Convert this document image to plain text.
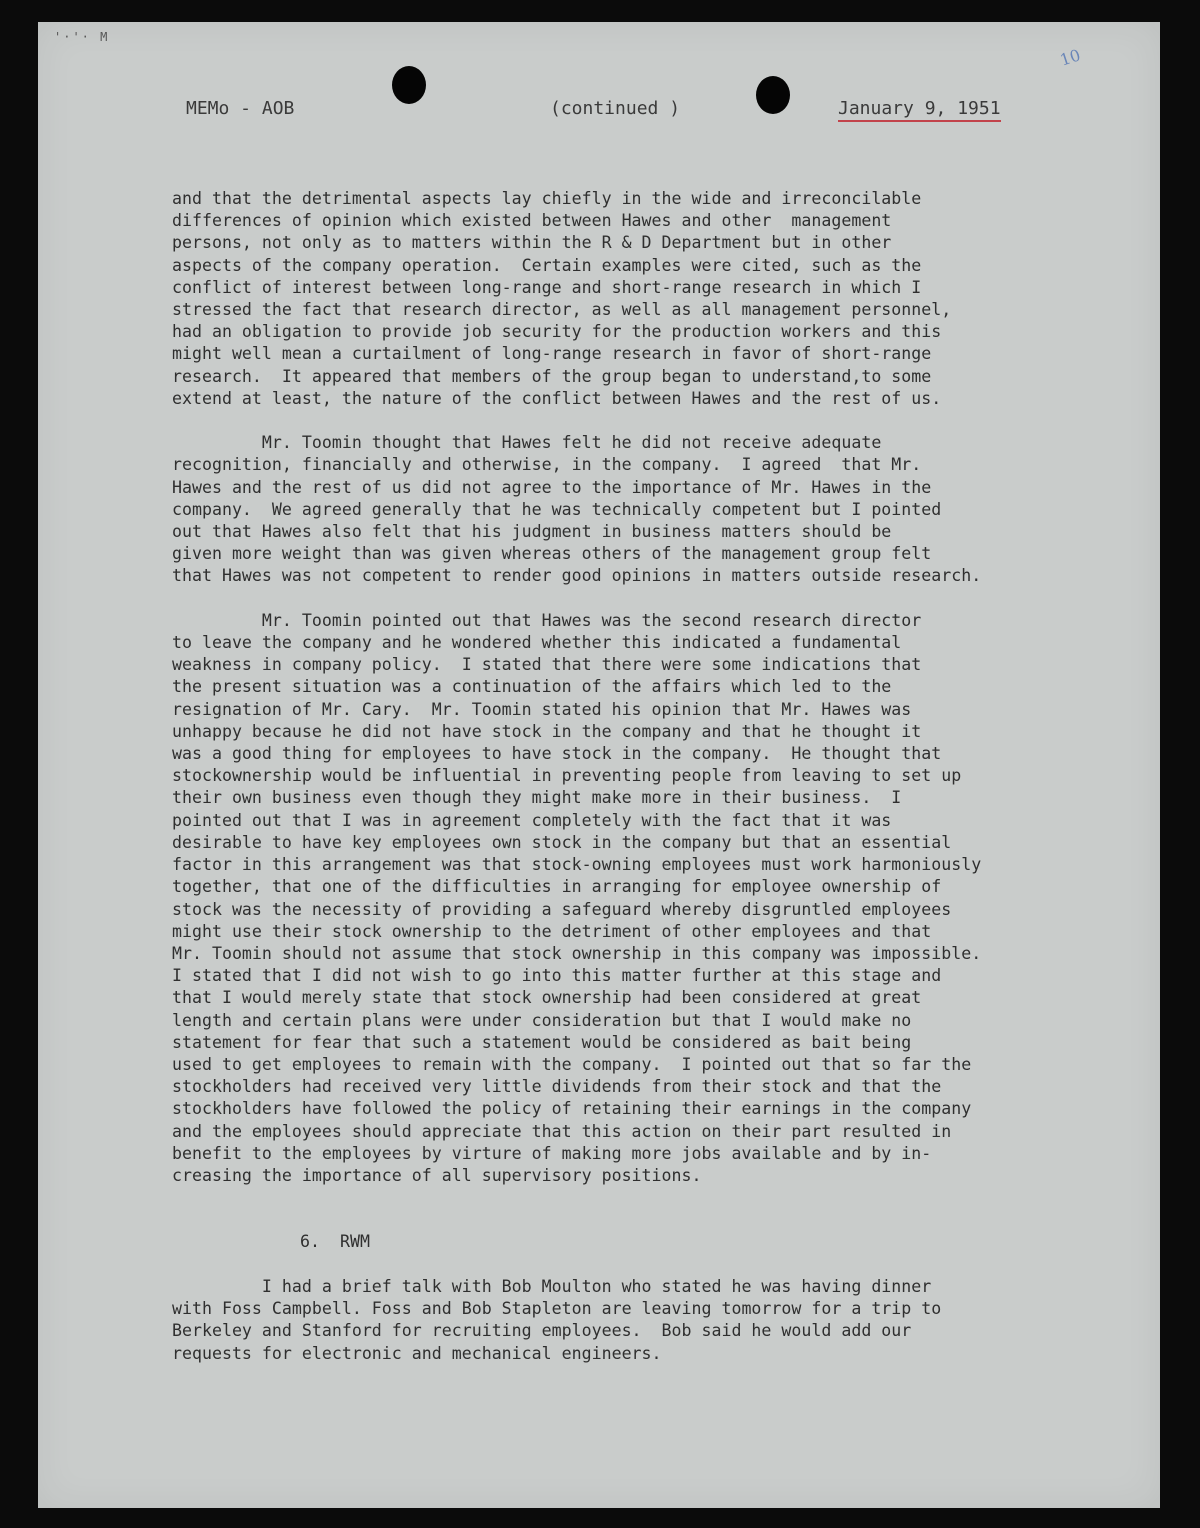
'·'· M
10
MEMo - AOB	(continued )	January 9, 1951
and that the detrimental aspects lay chiefly in the wide and irreconcilable
differences of opinion which existed between Hawes and other  management
persons, not only as to matters within the R & D Department but in other
aspects of the company operation.  Certain examples were cited, such as the
conflict of interest between long-range and short-range research in which I
stressed the fact that research director, as well as all management personnel,
had an obligation to provide job security for the production workers and this
might well mean a curtailment of long-range research in favor of short-range
research.  It appeared that members of the group began to understand,to some
extend at least, the nature of the conflict between Hawes and the rest of us.

Mr. Toomin thought that Hawes felt he did not receive adequate
recognition, financially and otherwise, in the company.  I agreed  that Mr.
Hawes and the rest of us did not agree to the importance of Mr. Hawes in the
company.  We agreed generally that he was technically competent but I pointed
out that Hawes also felt that his judgment in business matters should be
given more weight than was given whereas others of the management group felt
that Hawes was not competent to render good opinions in matters outside research.

Mr. Toomin pointed out that Hawes was the second research director
to leave the company and he wondered whether this indicated a fundamental
weakness in company policy.  I stated that there were some indications that
the present situation was a continuation of the affairs which led to the
resignation of Mr. Cary.  Mr. Toomin stated his opinion that Mr. Hawes was
unhappy because he did not have stock in the company and that he thought it
was a good thing for employees to have stock in the company.  He thought that
stockownership would be influential in preventing people from leaving to set up
their own business even though they might make more in their business.  I
pointed out that I was in agreement completely with the fact that it was
desirable to have key employees own stock in the company but that an essential
factor in this arrangement was that stock-owning employees must work harmoniously
together, that one of the difficulties in arranging for employee ownership of
stock was the necessity of providing a safeguard whereby disgruntled employees
might use their stock ownership to the detriment of other employees and that
Mr. Toomin should not assume that stock ownership in this company was impossible.
I stated that I did not wish to go into this matter further at this stage and
that I would merely state that stock ownership had been considered at great
length and certain plans were under consideration but that I would make no
statement for fear that such a statement would be considered as bait being
used to get employees to remain with the company.  I pointed out that so far the
stockholders had received very little dividends from their stock and that the
stockholders have followed the policy of retaining their earnings in the company
and the employees should appreciate that this action on their part resulted in
benefit to the employees by virture of making more jobs available and by in-
creasing the importance of all supervisory positions.
6.  RWM
I had a brief talk with Bob Moulton who stated he was having dinner
with Foss Campbell. Foss and Bob Stapleton are leaving tomorrow for a trip to
Berkeley and Stanford for recruiting employees.  Bob said he would add our
requests for electronic and mechanical engineers.
